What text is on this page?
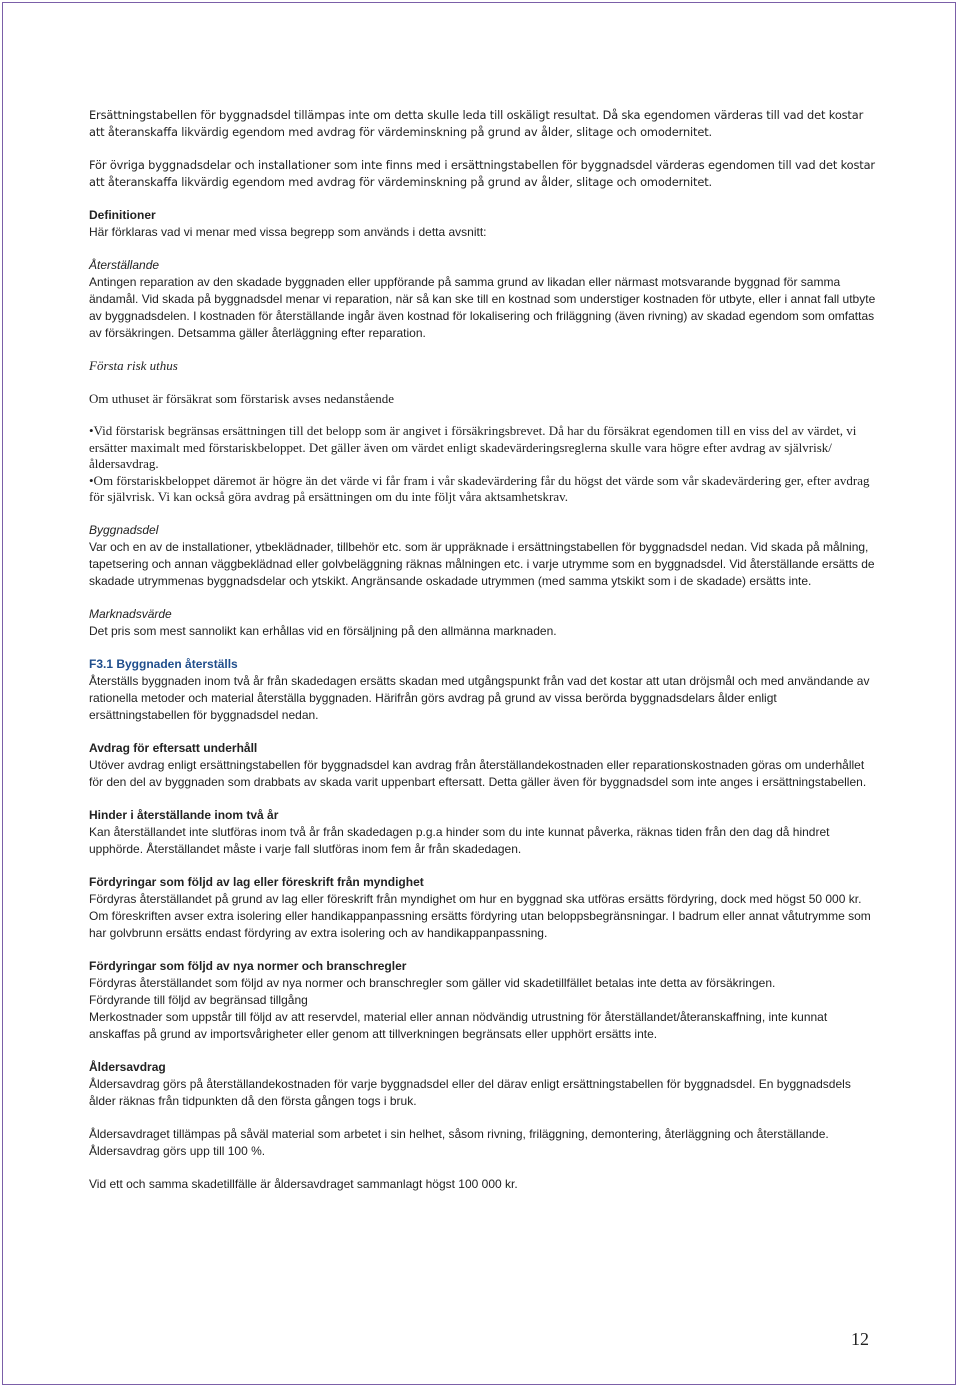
Ersättningstabellen för byggnadsdel tillämpas inte om detta skulle leda till oskäligt resultat. Då ska egendomen värderas till vad det kostar att återanskaffa likvärdig egendom med avdrag för värdeminskning på grund av ålder, slitage och omodernitet.

För övriga byggnadsdelar och installationer som inte finns med i ersättningstabellen för byggnadsdel värderas egendomen till vad det kostar att återanskaffa likvärdig egendom med avdrag för värdeminskning på grund av ålder, slitage och omodernitet.

Definitioner

Här förklaras vad vi menar med vissa begrepp som används i detta avsnitt:

Återställande

Antingen reparation av den skadade byggnaden eller uppförande på samma grund av likadan eller närmast motsvarande byggnad för samma ändamål. Vid skada på byggnadsdel menar vi reparation, när så kan ske till en kostnad som understiger kostnaden för utbyte, eller i annat fall utbyte av byggnadsdelen. I kostnaden för återställande ingår även kostnad för lokalisering och friläggning (även rivning) av skadad egendom som omfattas av försäkringen. Detsamma gäller återläggning efter reparation.

Första risk uthus

Om uthuset är försäkrat som förstarisk avses nedanstående

•Vid förstarisk begränsas ersättningen till det belopp som är angivet i försäkringsbrevet. Då har du försäkrat egendomen till en viss del av värdet, vi ersätter maximalt med förstariskbeloppet. Det gäller även om värdet enligt skadevärderingsreglerna skulle vara högre efter avdrag av självrisk/åldersavdrag.

•Om förstariskbeloppet däremot är högre än det värde vi får fram i vår skadevärdering får du högst det värde som vår skadevärdering ger, efter avdrag för självrisk. Vi kan också göra avdrag på ersättningen om du inte följt våra aktsamhetskrav.

Byggnadsdel

Var och en av de installationer, ytbeklädnader, tillbehör etc. som är uppräknade i ersättningstabellen för byggnadsdel nedan. Vid skada på målning, tapetsering och annan väggbeklädnad eller golvbeläggning räknas målningen etc. i varje utrymme som en byggnadsdel. Vid återställande ersätts de skadade utrymmenas byggnadsdelar och ytskikt. Angränsande oskadade utrymmen (med samma ytskikt som i de skadade) ersätts inte.

Marknadsvärde

Det pris som mest sannolikt kan erhållas vid en försäljning på den allmänna marknaden.

F3.1 Byggnaden återställs

Återställs byggnaden inom två år från skadedagen ersätts skadan med utgångspunkt från vad det kostar att utan dröjsmål och med användande av rationella metoder och material återställa byggnaden. Härifrån görs avdrag på grund av vissa berörda byggnadsdelars ålder enligt ersättningstabellen för byggnadsdel nedan.

Avdrag för eftersatt underhåll

Utöver avdrag enligt ersättningstabellen för byggnadsdel kan avdrag från återställandekostnaden eller reparationskostnaden göras om underhållet för den del av byggnaden som drabbats av skada varit uppenbart eftersatt. Detta gäller även för byggnadsdel som inte anges i ersättningstabellen.

Hinder i återställande inom två år

Kan återställandet inte slutföras inom två år från skadedagen p.g.a hinder som du inte kunnat påverka, räknas tiden från den dag då hindret upphörde. Återställandet måste i varje fall slutföras inom fem år från skadedagen.

Fördyringar som följd av lag eller föreskrift från myndighet

Fördyras återställandet på grund av lag eller föreskrift från myndighet om hur en byggnad ska utföras ersätts fördyring, dock med högst 50 000 kr. Om föreskriften avser extra isolering eller handikappanpassning ersätts fördyring utan beloppsbegränsningar. I badrum eller annat våtutrymme som har golvbrunn ersätts endast fördyring av extra isolering och av handikappanpassning.

Fördyringar som följd av nya normer och branschregler

Fördyras återställandet som följd av nya normer och branschregler som gäller vid skadetillfället betalas inte detta av försäkringen.

Fördyrande till följd av begränsad tillgång

Merkostnader som uppstår till följd av att reservdel, material eller annan nödvändig utrustning för återställandet/återanskaffning, inte kunnat anskaffas på grund av importsvårigheter eller genom att tillverkningen begränsats eller upphört ersätts inte.

Åldersavdrag

Åldersavdrag görs på återställandekostnaden för varje byggnadsdel eller del därav enligt ersättningstabellen för byggnadsdel. En byggnadsdels ålder räknas från tidpunkten då den första gången togs i bruk.

Åldersavdraget tillämpas på såväl material som arbetet i sin helhet, såsom rivning, friläggning, demontering, återläggning och återställande. Åldersavdrag görs upp till 100 %.

Vid ett och samma skadetillfälle är åldersavdraget sammanlagt högst 100 000 kr.

12
